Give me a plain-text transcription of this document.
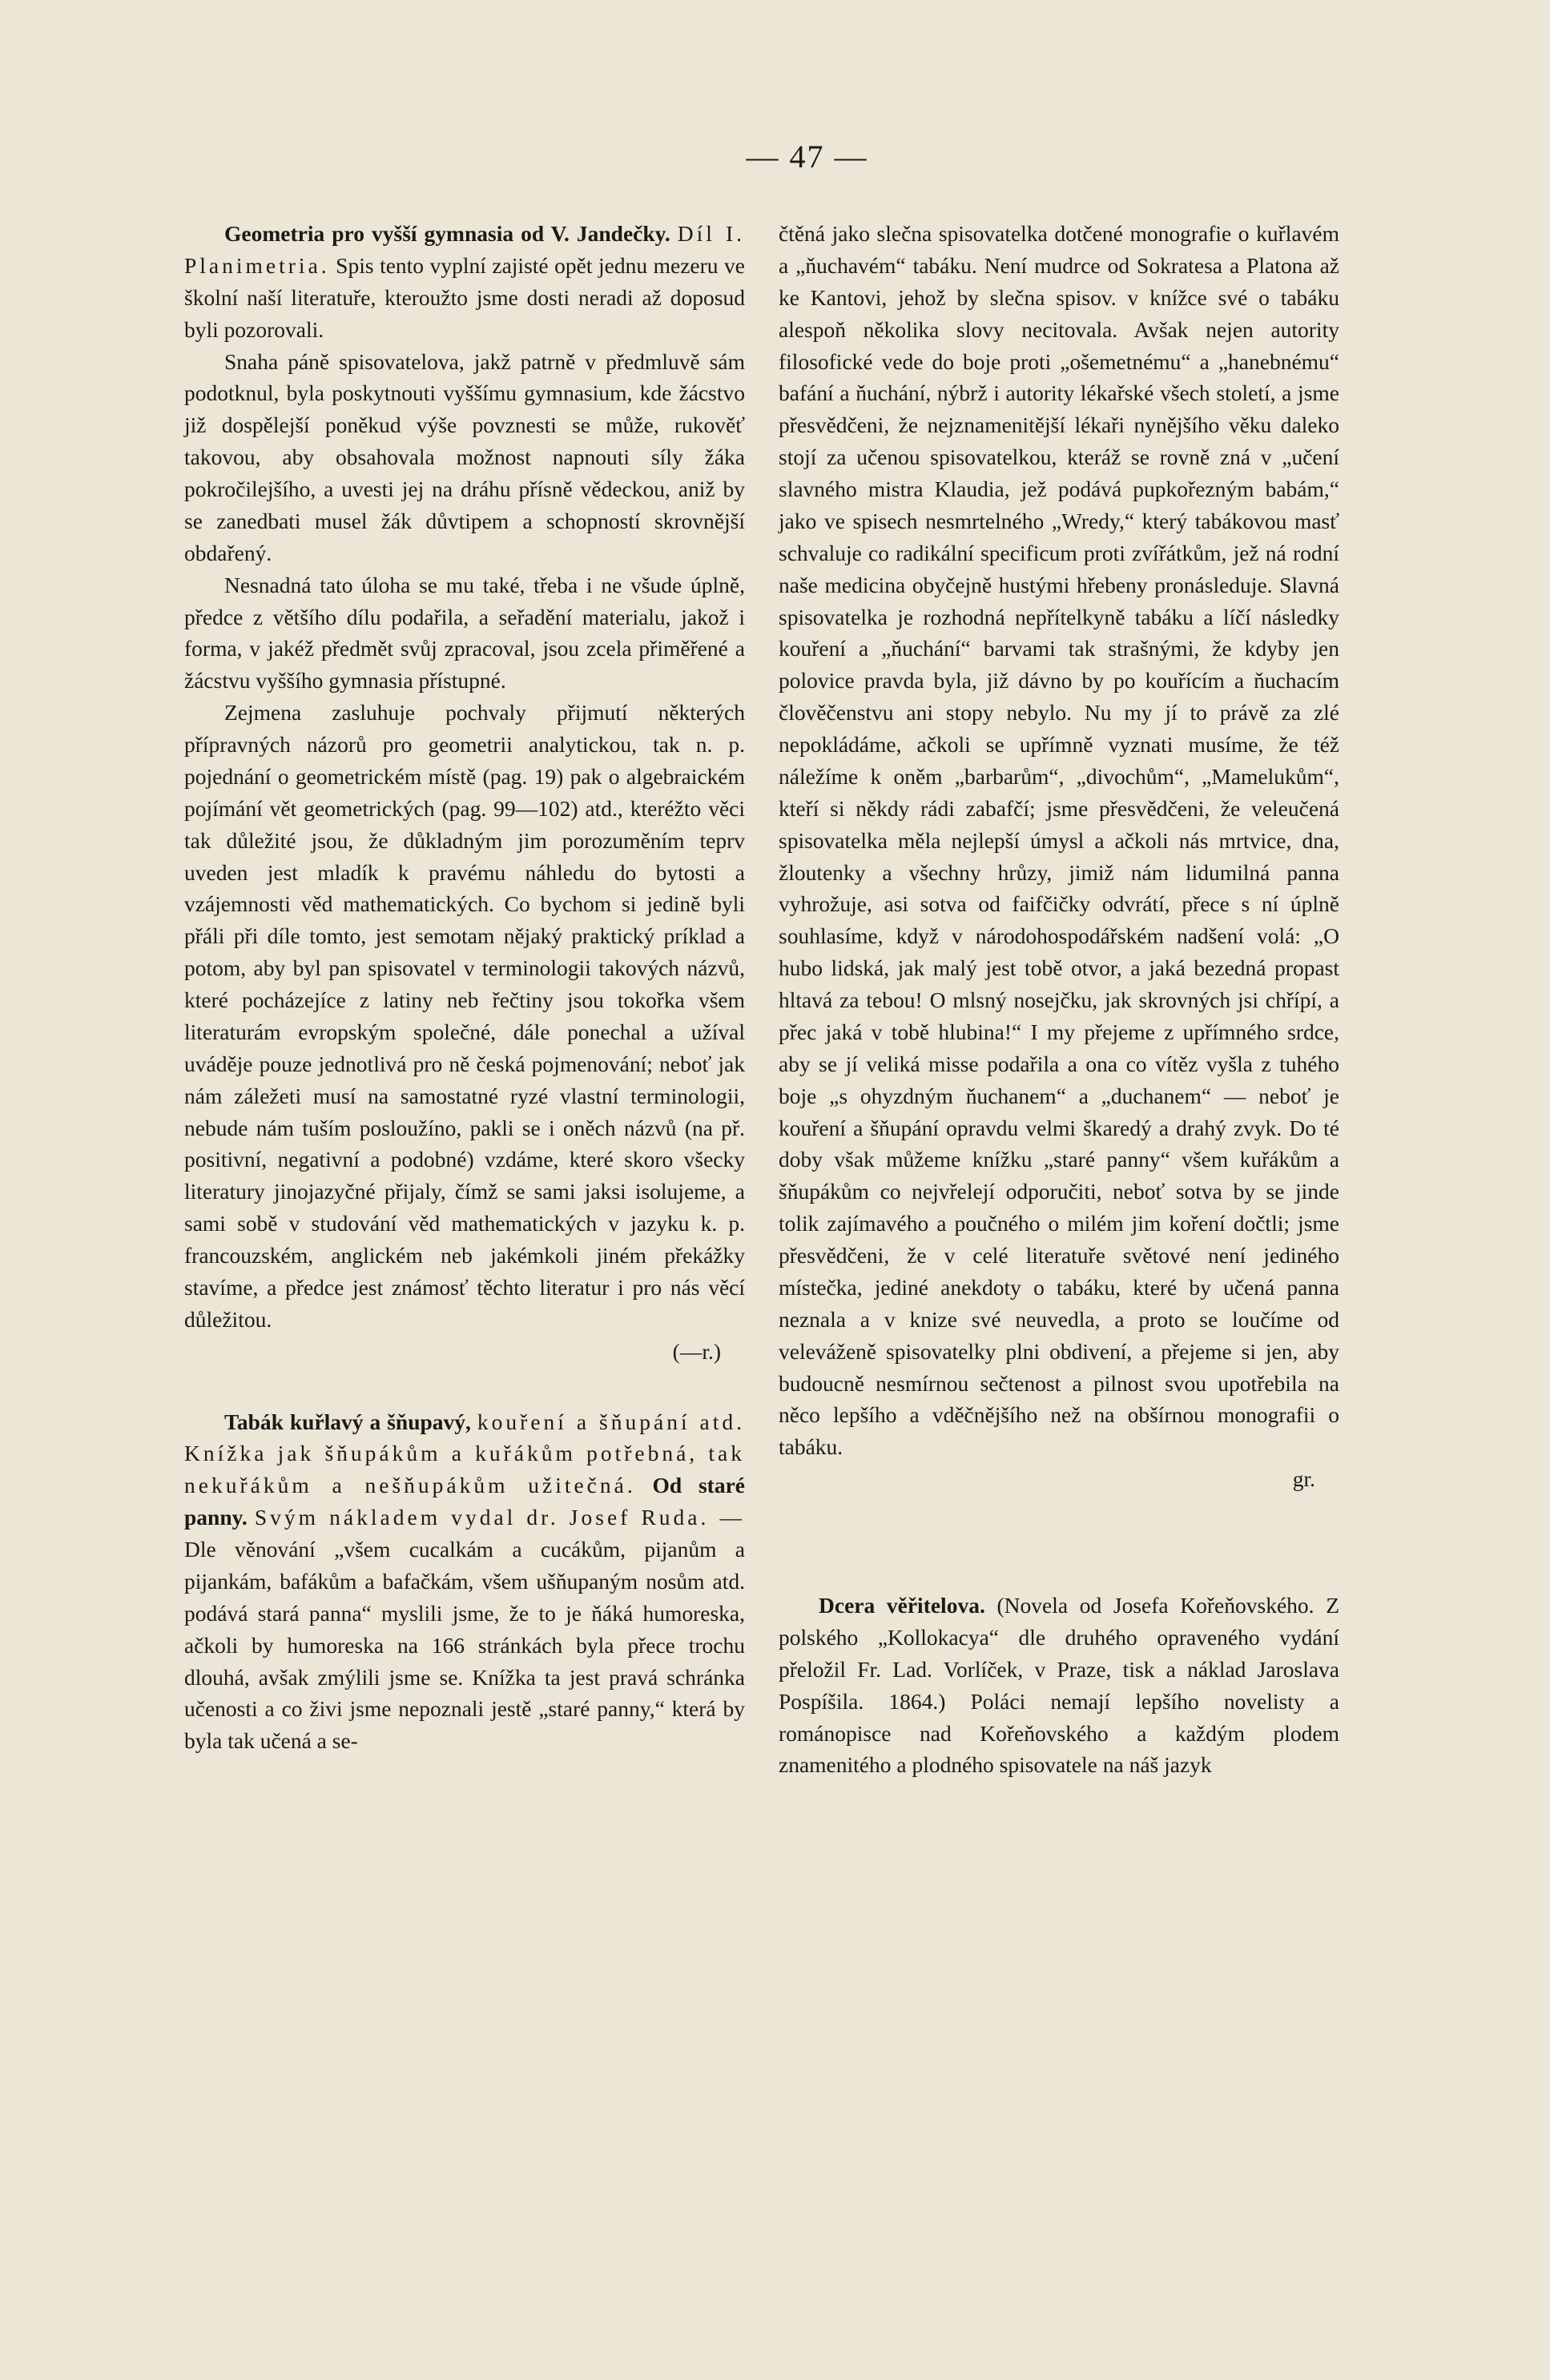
— 47 —

Geometria pro vyšší gymnasia od V. Jandečky. Díl I. Planimetria. Spis tento vyplní zajisté opět jednu mezeru ve školní naší literatuře, kteroužto jsme dosti neradi až doposud byli pozorovali.

Snaha páně spisovatelova, jakž patrně v předmluvě sám podotknul, byla poskytnouti vyššímu gymnasium, kde žácstvo již dospělejší poněkud výše povznesti se může, rukověť takovou, aby obsahovala možnost napnouti síly žáka pokročilejšího, a uvesti jej na dráhu přísně vědeckou, aniž by se zanedbati musel žák důvtipem a schopností skrovnější obdařený.

Nesnadná tato úloha se mu také, třeba i ne všude úplně, předce z většího dílu podařila, a seřadění materialu, jakož i forma, v jakéž předmět svůj zpracoval, jsou zcela přiměřené a žácstvu vyššího gymnasia přístupné.

Zejmena zasluhuje pochvaly přijmutí některých přípravných názorů pro geometrii analytickou, tak n. p. pojednání o geometrickém místě (pag. 19) pak o algebraickém pojímání vět geometrických (pag. 99—102) atd., kteréžto věci tak důležité jsou, že důkladným jim porozuměním teprv uveden jest mladík k pravému náhledu do bytosti a vzájemnosti věd mathematických. Co bychom si jedině byli přáli při díle tomto, jest semotam nějaký praktický príklad a potom, aby byl pan spisovatel v terminologii takových názvů, které pocházejíce z latiny neb řečtiny jsou tokořka všem literaturám evropským společné, dále ponechal a užíval uváděje pouze jednotlivá pro ně česká pojmenování; neboť jak nám záležeti musí na samostatné ryzé vlastní terminologii, nebude nám tuším posloužíno, pakli se i oněch názvů (na př. positivní, negativní a podobné) vzdáme, které skoro všecky literatury jinojazyčné přijaly, čímž se sami jaksi isolujeme, a sami sobě v studování věd mathematických v jazyku k. p. francouzském, anglickém neb jakémkoli jiném překážky stavíme, a předce jest známosť těchto literatur i pro nás věcí důležitou.

(—r.)

Tabák kuřlavý a šňupavý, kouření a šňupání atd. Knížka jak šňupákům a kuřákům potřebná, tak nekuřákům a nešňupákům užitečná. Od staré panny. Svým nákladem vydal dr. Josef Ruda. — Dle věnování „všem cucalkám a cucákům, pijanům a pijankám, bafákům a bafačkám, všem ušňupaným nosům atd. podává stará panna“ myslili jsme, že to je ňáká humoreska, ačkoli by humoreska na 166 stránkách byla přece trochu dlouhá, avšak zmýlili jsme se. Knížka ta jest pravá schránka učenosti a co živi jsme nepoznali jestě „staré panny,“ která by byla tak učená a se-

čtěná jako slečna spisovatelka dotčené monografie o kuřlavém a „ňuchavém“ tabáku. Není mudrce od Sokratesa a Platona až ke Kantovi, jehož by slečna spisov. v knížce své o tabáku alespoň několika slovy necitovala. Avšak nejen autority filosofické vede do boje proti „ošemetnému“ a „hanebnému“ bafání a ňuchání, nýbrž i autority lékařské všech století, a jsme přesvědčeni, že nejznamenitější lékaři nynějšího věku daleko stojí za učenou spisovatelkou, kteráž se rovně zná v „učení slavného mistra Klaudia, jež podává pupkořezným babám,“ jako ve spisech nesmrtelného „Wredy,“ který tabákovou masť schvaluje co radikální specificum proti zvířátkům, jež ná rodní naše medicina obyčejně hustými hřebeny pronásleduje. Slavná spisovatelka je rozhodná nepřítelkyně tabáku a líčí následky kouření a „ňuchání“ barvami tak strašnými, že kdyby jen polovice pravda byla, již dávno by po kouřícím a ňuchacím člověčenstvu ani stopy nebylo. Nu my jí to právě za zlé nepokládáme, ačkoli se upřímně vyznati musíme, že též náležíme k oněm „barbarům“, „divochům“, „Mamelukům“, kteří si někdy rádi zabafčí; jsme přesvědčeni, že veleučená spisovatelka měla nejlepší úmysl a ačkoli nás mrtvice, dna, žloutenky a všechny hrůzy, jimiž nám lidumilná panna vyhrožuje, asi sotva od faifčičky odvrátí, přece s ní úplně souhlasíme, když v národohospodářském nadšení volá: „O hubo lidská, jak malý jest tobě otvor, a jaká bezedná propast hltavá za tebou! O mlsný nosejčku, jak skrovných jsi chřípí, a přec jaká v tobě hlubina!“ I my přejeme z upřímného srdce, aby se jí veliká misse podařila a ona co vítěz vyšla z tuhého boje „s ohyzdným ňuchanem“ a „duchanem“ — neboť je kouření a šňupání opravdu velmi škaredý a drahý zvyk. Do té doby však můžeme knížku „staré panny“ všem kuřákům a šňupákům co nejvřelejí odporučiti, neboť sotva by se jinde tolik zajímavého a poučného o milém jim koření dočtli; jsme přesvědčeni, že v celé literatuře světové není jediného místečka, jediné anekdoty o tabáku, které by učená panna neznala a v knize své neuvedla, a proto se loučíme od veleváženě spisovatelky plni obdivení, a přejeme si jen, aby budoucně nesmírnou sečtenost a pilnost svou upotřebila na něco lepšího a vděčnějšího než na obšírnou monografii o tabáku.

gr.

Dcera věřitelova. (Novela od Josefa Kořeňovského. Z polského „Kollokacya“ dle druhého opraveného vydání přeložil Fr. Lad. Vorlíček, v Praze, tisk a náklad Jaroslava Pospíšila. 1864.) Poláci nemají lepšího novelisty a románopisce nad Kořeňovského a každým plodem znamenitého a plodného spisovatele na náš jazyk
